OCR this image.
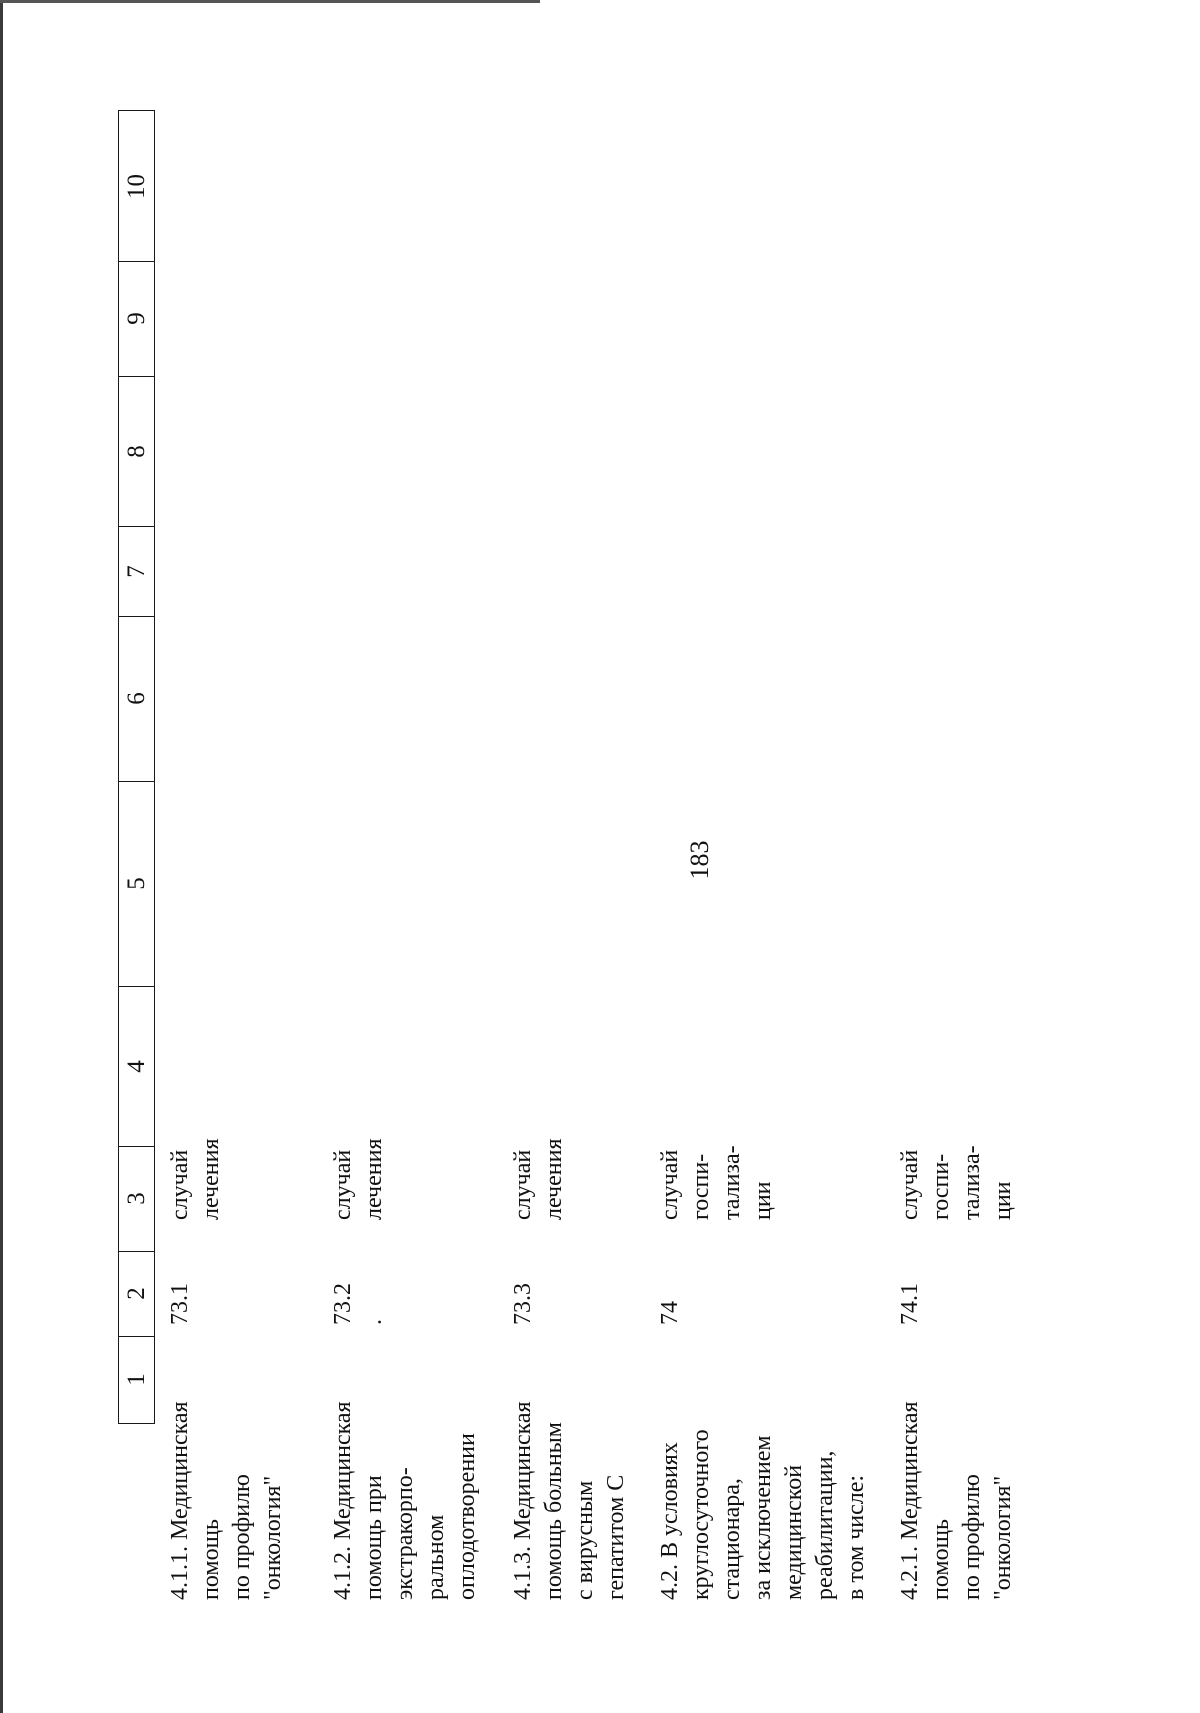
183
10
9
8
7
6
5
4
3
2
1
4.1.1. Медицинская
помощь
по профилю
"онкология"
73.1
случай
лечения
4.1.2. Медицинская
помощь при
экстракорпо-
ральном
оплодотворении
73.2
.
случай
лечения
4.1.3. Медицинская
помощь больным
с вирусным
гепатитом С
73.3
случай
лечения
4.2. В условиях
круглосуточного
стационара,
за исключением
медицинской
реабилитации,
в том числе:
74
случай
госпи-
тализа-
ции
4.2.1. Медицинская
помощь
по профилю
"онкология"
74.1
случай
госпи-
тализа-
ции
